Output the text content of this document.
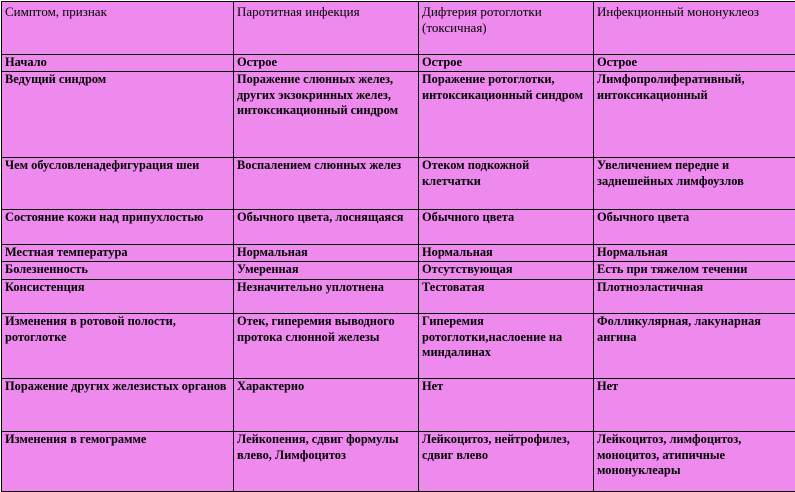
Симптом, признак	Паротитная инфекция	Дифтерия ротоглотки (токсичная)	Инфекционный мононуклеоз
Начало	Острое	Острое	Острое
Ведущий синдром	Поражение слюнных желез, других экзокринных желез, интоксикационный синдром	Поражение ротоглотки, интоксикационный синдром	Лимфопролиферативный, интоксикационный
Чем обусловленадефигурация шеи	Воспалением слюнных желез	Отеком подкожной клетчатки	Увеличением передне и заднешейных лимфоузлов
Состояние кожи над припухлостью	Обычного цвета, лоснящаяся	Обычного цвета	Обычного цвета
Местная температура	Нормальная	Нормальная	Нормальная
Болезненность	Умеренная	Отсутствующая	Есть при тяжелом течении
Консистенция	Незначительно уплотнена	Тестоватая	Плотноэластичная
Изменения в ротовой полости, ротоглотке	Отек, гиперемия выводного протока слюнной железы	Гиперемия ротоглотки,наслоение на миндалинах	Фолликулярная, лакунарная ангина
Поражение других железистых органов	Характерно	Нет	Нет
Изменения в гемограмме	Лейкопения, сдвиг формулы влево, Лимфоцитоз	Лейкоцитоз, нейтрофилез, сдвиг влево	Лейкоцитоз, лимфоцитоз, моноцитоз, атипичные мононуклеары
